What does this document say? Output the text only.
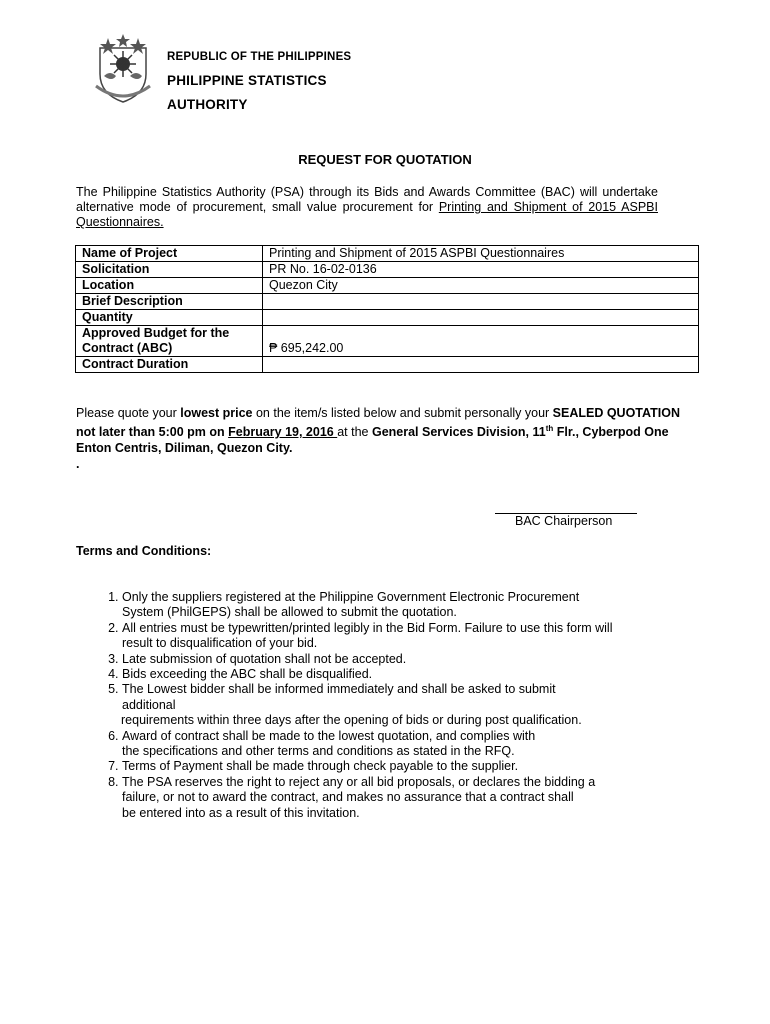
REPUBLIC OF THE PHILIPPINES
PHILIPPINE STATISTICS
AUTHORITY
REQUEST FOR QUOTATION
The Philippine Statistics Authority (PSA) through its Bids and Awards Committee (BAC) will undertake alternative mode of procurement, small value procurement for Printing and Shipment of 2015 ASPBI Questionnaires.
Name of Project	Printing and Shipment of 2015 ASPBI Questionnaires
Solicitation	PR No. 16-02-0136
Location	Quezon City
Brief Description	
Quantity	
Approved Budget for the Contract (ABC)	₱ 695,242.00
Contract Duration	
Please quote your lowest price on the item/s listed below and submit personally your SEALED QUOTATION not later than 5:00 pm on February 19, 2016 at the General Services Division, 11th Flr., Cyberpod One Enton Centris, Diliman, Quezon City.
.
BAC Chairperson
Terms and Conditions:
1. Only the suppliers registered at the Philippine Government Electronic Procurement
System (PhilGEPS) shall be allowed to submit the quotation.
2. All entries must be typewritten/printed legibly in the Bid Form. Failure to use this form will
result to disqualification of your bid.
3. Late submission of quotation shall not be accepted.
4. Bids exceeding the ABC shall be disqualified.
5. The Lowest bidder shall be informed immediately and shall be asked to submit
additional
requirements within three days after the opening of bids or during post qualification.
6. Award of contract shall be made to the lowest quotation, and complies with
the specifications and other terms and conditions as stated in the RFQ.
7. Terms of Payment shall be made through check payable to the supplier.
8. The PSA reserves the right to reject any or all bid proposals, or declares the bidding a
failure, or not to award the contract, and makes no assurance that a contract shall
be entered into as a result of this invitation.
